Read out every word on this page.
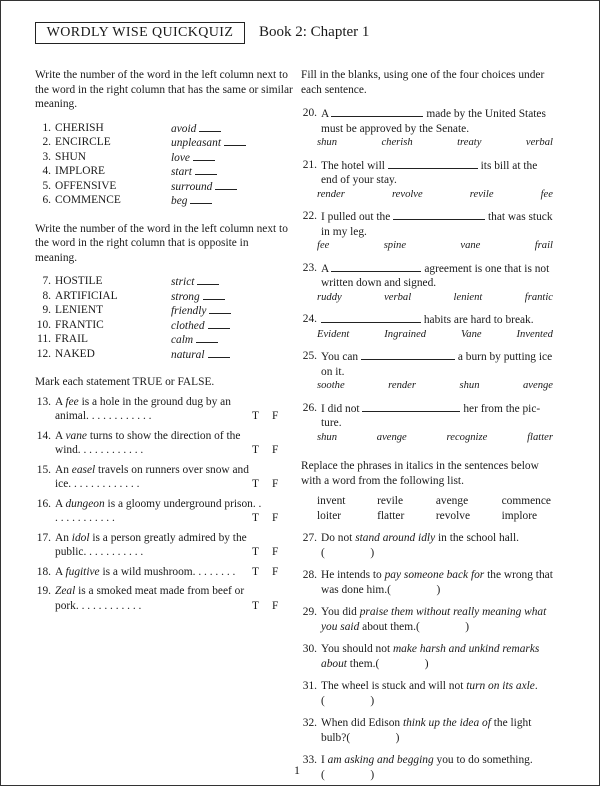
WORDLY WISE QUICKQUIZ	Book 2: Chapter 1

Write the number of the word in the left column next to the word in the right column that has the same or similar meaning.

1. CHERISH	avoid
2. ENCIRCLE	unpleasant
3. SHUN	love
4. IMPLORE	start
5. OFFENSIVE	surround
6. COMMENCE	beg

Write the number of the word in the left column next to the word in the right column that is opposite in meaning.

7. HOSTILE	strict
8. ARTIFICIAL	strong
9. LENIENT	friendly
10. FRANTIC	clothed
11. FRAIL	calm
12. NAKED	natural

Mark each statement TRUE or FALSE.

13. A fee is a hole in the ground dug by an animal. . . . . . . . . . . .	T F
14. A vane turns to show the direction of the wind. . . . . . . . . . . .	T F
15. An easel travels on runners over snow and ice. . . . . . . . . . . . .	T F
16. A dungeon is a gloomy underground prison. . . . . . . . . . . . .	T F
17. An idol is a person greatly admired by the public. . . . . . . . . . .	T F
18. A fugitive is a wild mushroom. . . . . . . .	T F
19. Zeal is a smoked meat made from beef or pork. . . . . . . . . . . .	T F

Fill in the blanks, using one of the four choices under each sentence.

20. A	made by the United States must be approved by the Senate.
shun	cherish	treaty	verbal
21. The hotel will	its bill at the end of your stay.
render	revolve	revile	fee
22. I pulled out the	that was stuck in my leg.
fee	spine	vane	frail
23. A	agreement is one that is not written down and signed.
ruddy	verbal	lenient	frantic
24.	habits are hard to break.
Evident	Ingrained	Vane	Invented
25. You can	a burn by putting ice on it.
soothe	render	shun	avenge
26. I did not	her from the pic-ture.
shun	avenge	recognize	flatter

Replace the phrases in italics in the sentences below with a word from the following list.

invent	revile	avenge	commence
loiter	flatter	revolve	implore
27. Do not stand around idly in the school hall.(    )
28. He intends to pay someone back for the wrong that was done him.(    )
29. You did praise them without really meaning what you said about them.(    )
30. You should not make harsh and unkind remarks about them.(    )
31. The wheel is stuck and will not turn on its axle.(    )
32. When did Edison think up the idea of the light bulb?(    )
33. I am asking and begging you to do something.(    )
1
